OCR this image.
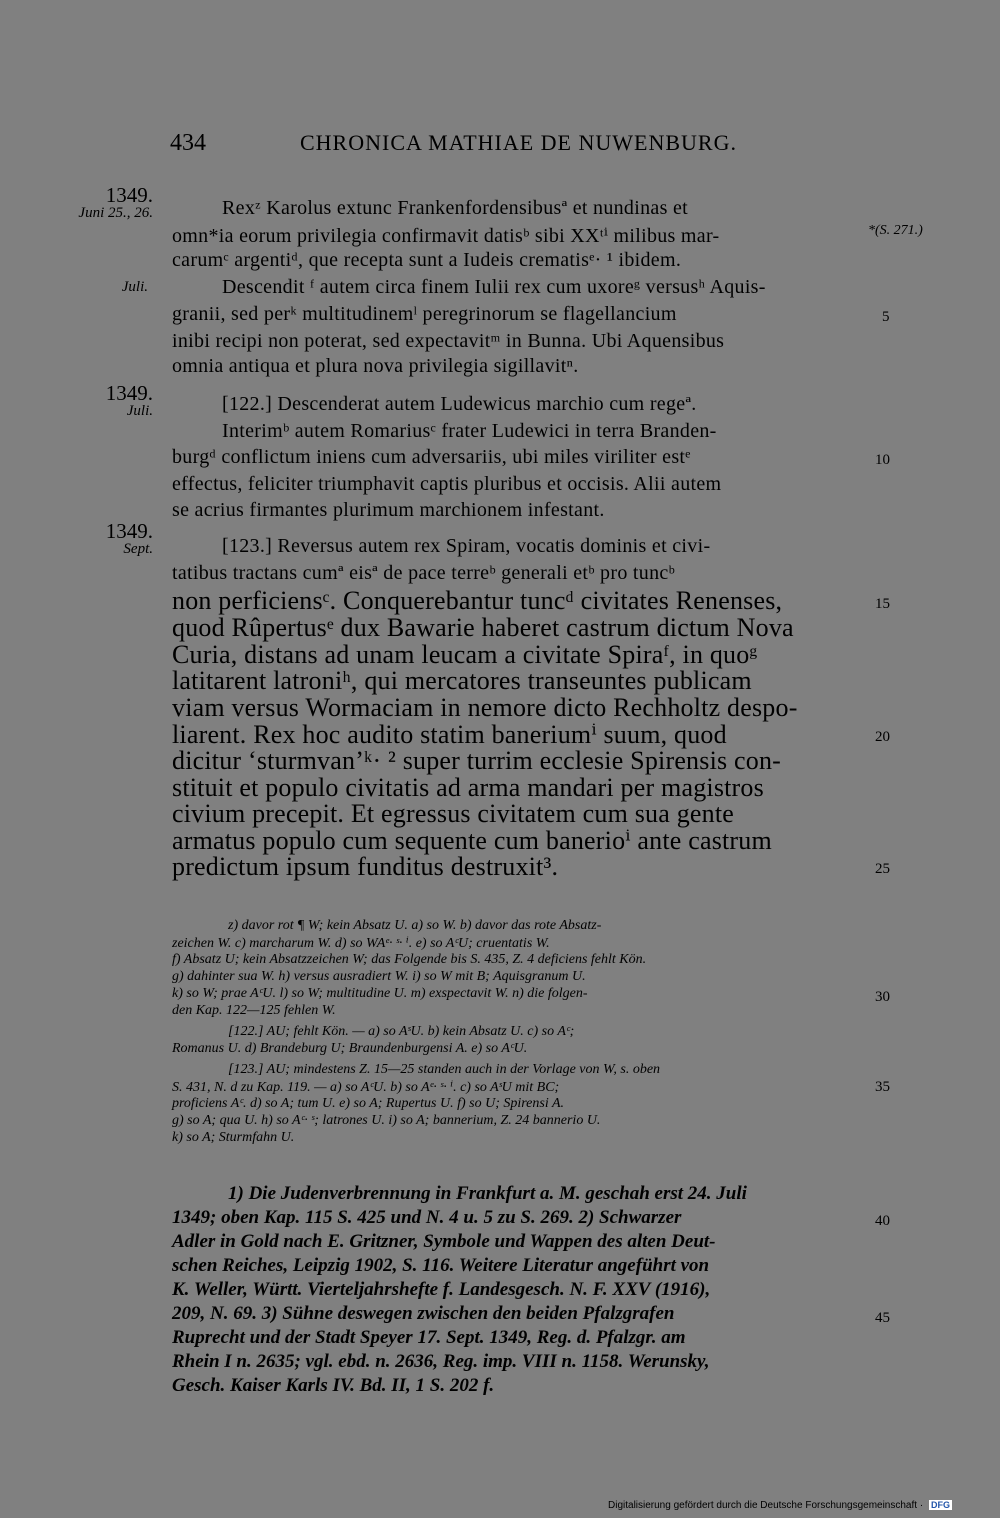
434	CHRONICA MATHIAE DE NUWENBURG.
1349.
Juni 25., 26.
Juli.
1349.
Juli.
1349.
Sept.
*(S. 271.)
Rexᶻ Karolus extunc Frankenfordensibusª et nundinas et
omn*ia eorum privilegia confirmavit datisᵇ sibi XXᵗⁱ milibus mar-
carumᶜ argentiᵈ, que recepta sunt a Iudeis crematisᵉ· ¹ ibidem.
Descendit ᶠ autem circa finem Iulii rex cum uxoreᵍ versusʰ Aquis-
granii, sed perᵏ multitudinemˡ peregrinorum se flagellancium
inibi recipi non poterat, sed expectavitᵐ in Bunna. Ubi Aquensibus
omnia antiqua et plura nova privilegia sigillavitⁿ.
[122.] Descenderat autem Ludewicus marchio cum regeª.
Interimᵇ autem Romariusᶜ frater Ludewici in terra Branden-
burgᵈ conflictum iniens cum adversariis, ubi miles viriliter estᵉ
effectus, feliciter triumphavit captis pluribus et occisis. Alii autem
se acrius firmantes plurimum marchionem infestant.
[123.] Reversus autem rex Spiram, vocatis dominis et civi-
tatibus tractans cumª eisª de pace terreᵇ generali etᵇ pro tuncᵇ
non perficiensᶜ. Conquerebantur tuncᵈ civitates Renenses,
quod Rûpertusᵉ dux Bawarie haberet castrum dictum Nova
Curia, distans ad unam leucam a civitate Spiraᶠ, in quoᵍ
latitarent latroniʰ, qui mercatores transeuntes publicam
viam versus Wormaciam in nemore dicto Rechholtz despo-
liarent. Rex hoc audito statim baneriumⁱ suum, quod
dicitur ‘sturmvan’ᵏ· ² super turrim ecclesie Spirensis con-
stituit et populo civitatis ad arma mandari per magistros
civium precepit. Et egressus civitatem cum sua gente
armatus populo cum sequente cum banerioⁱ ante castrum
predictum ipsum funditus destruxit³.
5
10
15
20
25
z) davor rot ¶ W; kein Absatz U. a) so W. b) davor das rote Absatz-
zeichen W. c) marcharum W. d) so WAᵉ· ˢ· ⁱ. e) so AᶜU; cruentatis W.
f) Absatz U; kein Absatzzeichen W; das Folgende bis S. 435, Z. 4 deficiens fehlt Kön.
g) dahinter sua W. h) versus ausradiert W. i) so W mit B; Aquisgranum U.
k) so W; prae AᶜU. l) so W; multitudine U. m) exspectavit W. n) die folgen-
den Kap. 122—125 fehlen W.
[122.] AU; fehlt Kön. — a) so AˢU. b) kein Absatz U. c) so Aᶜ;
Romanus U. d) Brandeburg U; Braundenburgensi A. e) so AᶜU.
[123.] AU; mindestens Z. 15—25 standen auch in der Vorlage von W, s. oben
S. 431, N. d zu Kap. 119. — a) so AᶜU. b) so Aᵉ· ˢ· ⁱ. c) so AˢU mit BC;
proficiens Aᶜ. d) so A; tum U. e) so A; Rupertus U. f) so U; Spirensi A.
g) so A; qua U. h) so Aᶜ· ˢ; latrones U. i) so A; bannerium, Z. 24 bannerio U.
k) so A; Sturmfahn U.
30
35
1) Die Judenverbrennung in Frankfurt a. M. geschah erst 24. Juli
1349; oben Kap. 115 S. 425 und N. 4 u. 5 zu S. 269. 2) Schwarzer
Adler in Gold nach E. Gritzner, Symbole und Wappen des alten Deut-
schen Reiches, Leipzig 1902, S. 116. Weitere Literatur angeführt von
K. Weller, Württ. Vierteljahrshefte f. Landesgesch. N. F. XXV (1916),
209, N. 69. 3) Sühne deswegen zwischen den beiden Pfalzgrafen
Ruprecht und der Stadt Speyer 17. Sept. 1349, Reg. d. Pfalzgr. am
Rhein I n. 2635; vgl. ebd. n. 2636, Reg. imp. VIII n. 1158. Werunsky,
Gesch. Kaiser Karls IV. Bd. II, 1 S. 202 f.
40
45
Digitalisierung gefördert durch die Deutsche Forschungsgemeinschaft · DFG
